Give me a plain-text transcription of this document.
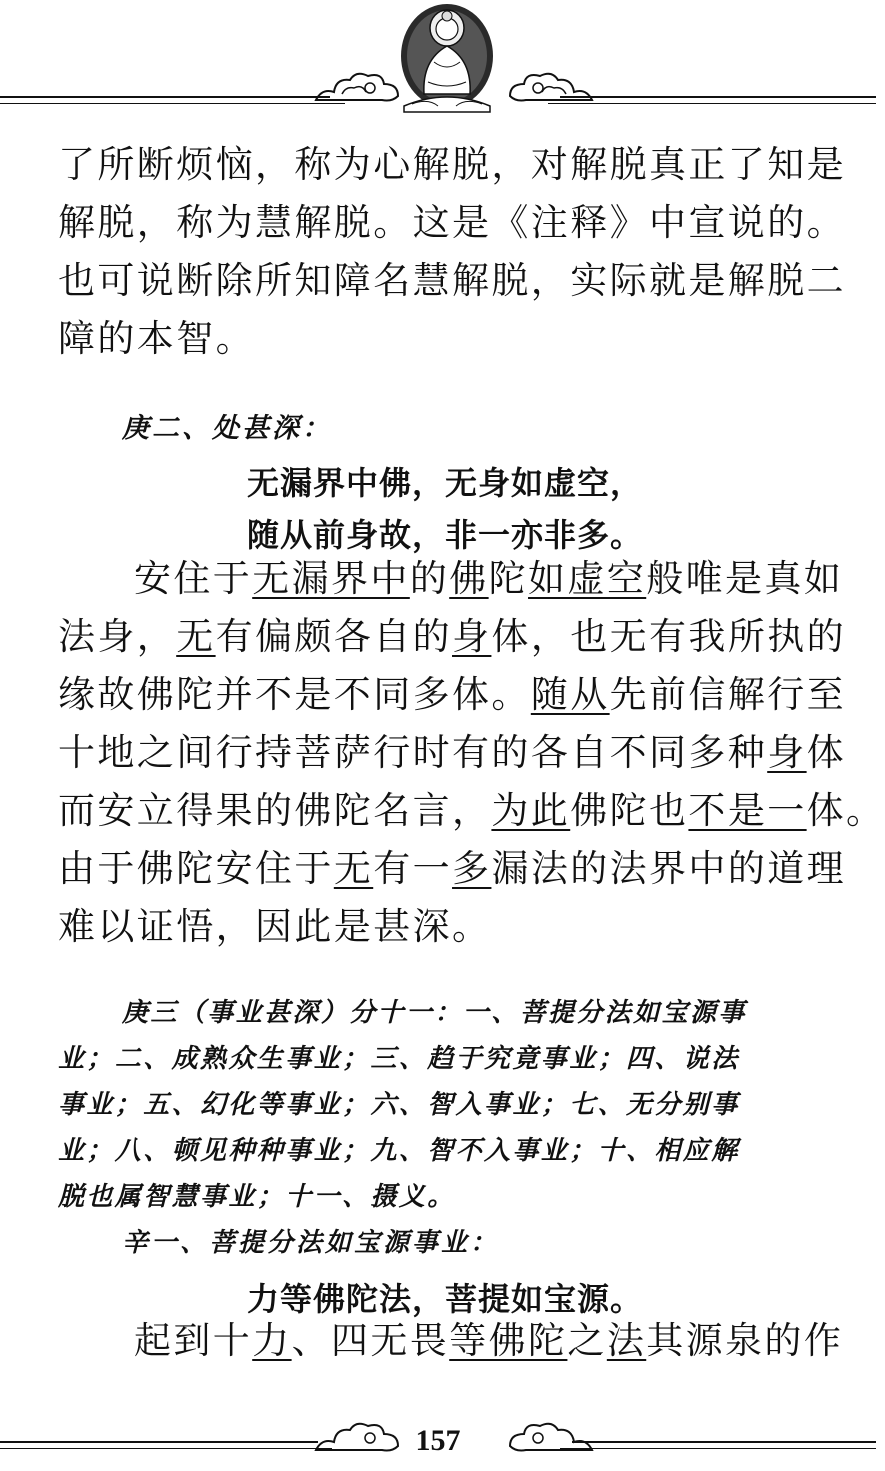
了所断烦恼，称为心解脱，对解脱真正了知是
解脱，称为慧解脱。这是《注释》中宣说的。
也可说断除所知障名慧解脱，实际就是解脱二
障的本智。
庚二、处甚深：
无漏界中佛，无身如虚空，
随从前身故，非一亦非多。
安住于无漏界中的佛陀如虚空般唯是真如
法身，无有偏颇各自的身体，也无有我所执的
缘故佛陀并不是不同多体。随从先前信解行至
十地之间行持菩萨行时有的各自不同多种身体
而安立得果的佛陀名言，为此佛陀也不是一体。
由于佛陀安住于无有一多漏法的法界中的道理
难以证悟，因此是甚深。
庚三（事业甚深）分十一：一、菩提分法如宝源事
业；二、成熟众生事业；三、趋于究竟事业；四、说法
事业；五、幻化等事业；六、智入事业；七、无分别事
业；八、顿见种种事业；九、智不入事业；十、相应解
脱也属智慧事业；十一、摄义。
辛一、菩提分法如宝源事业：
力等佛陀法，菩提如宝源。
起到十力、四无畏等佛陀之法其源泉的作
157
